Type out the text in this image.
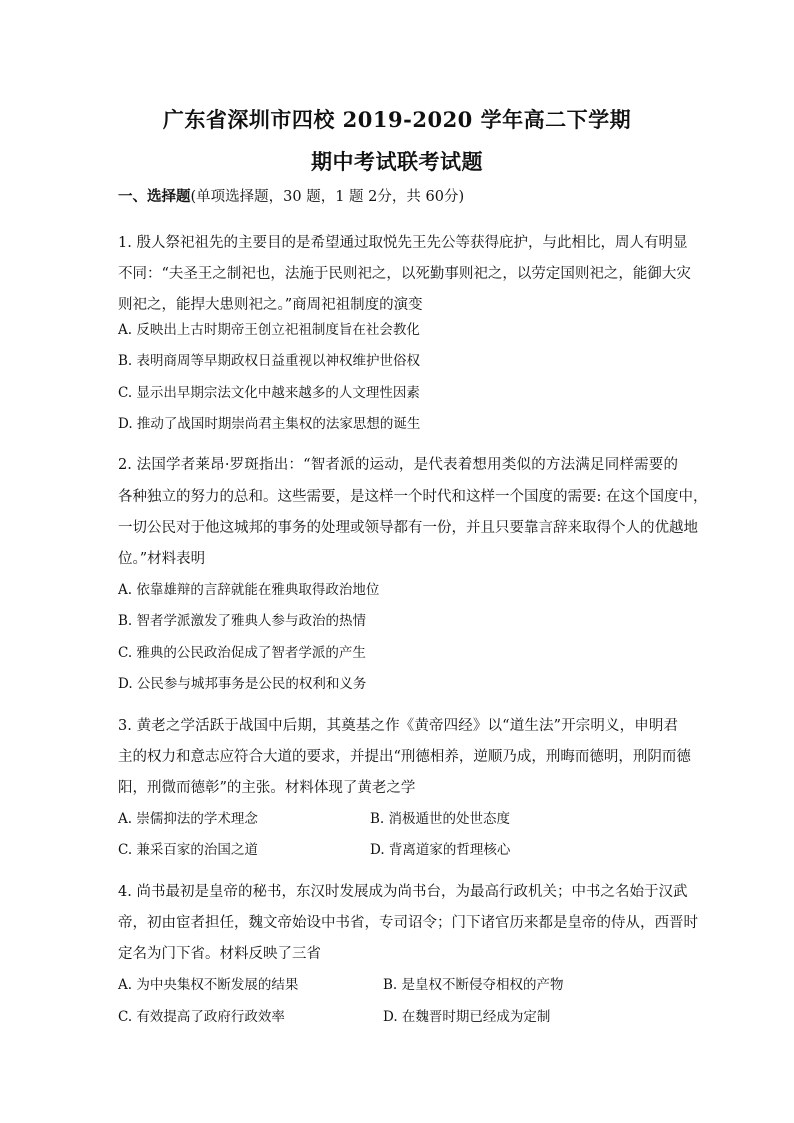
广东省深圳市四校 2019-2020 学年高二下学期
期中考试联考试题
一、选择题(单项选择题，30 题，1 题 2分，共 60分)
1. 殷人祭祀祖先的主要目的是希望通过取悦先王先公等获得庇护，与此相比，周人有明显
不同：“夫圣王之制祀也，法施于民则祀之，以死勤事则祀之，以劳定国则祀之，能御大灾
则祀之，能捍大患则祀之。”商周祀祖制度的演变
A. 反映出上古时期帝王创立祀祖制度旨在社会教化
B. 表明商周等早期政权日益重视以神权维护世俗权
C. 显示出早期宗法文化中越来越多的人文理性因素
D. 推动了战国时期崇尚君主集权的法家思想的诞生
2. 法国学者莱昂·罗斑指出：“智者派的运动，是代表着想用类似的方法满足同样需要的
各种独立的努力的总和。这些需要，是这样一个时代和这样一个国度的需要: 在这个国度中，
一切公民对于他这城邦的事务的处理或领导都有一份，并且只要靠言辞来取得个人的优越地
位。”材料表明
A. 依靠雄辩的言辞就能在雅典取得政治地位
B. 智者学派激发了雅典人参与政治的热情
C. 雅典的公民政治促成了智者学派的产生
D. 公民参与城邦事务是公民的权利和义务
3. 黄老之学活跃于战国中后期，其奠基之作《黄帝四经》以“道生法”开宗明义，申明君
主的权力和意志应符合大道的要求，并提出“刑德相养，逆顺乃成，刑晦而德明，刑阴而德
阳，刑微而德彰”的主张。材料体现了黄老之学
A. 崇儒抑法的学术理念	B. 消极遁世的处世态度
C. 兼采百家的治国之道	D. 背离道家的哲理核心
4. 尚书最初是皇帝的秘书，东汉时发展成为尚书台，为最高行政机关；中书之名始于汉武
帝，初由宦者担任，魏文帝始设中书省，专司诏令；门下诸官历来都是皇帝的侍从，西晋时
定名为门下省。材料反映了三省
A. 为中央集权不断发展的结果	B. 是皇权不断侵夺相权的产物
C. 有效提高了政府行政效率	D. 在魏晋时期已经成为定制
